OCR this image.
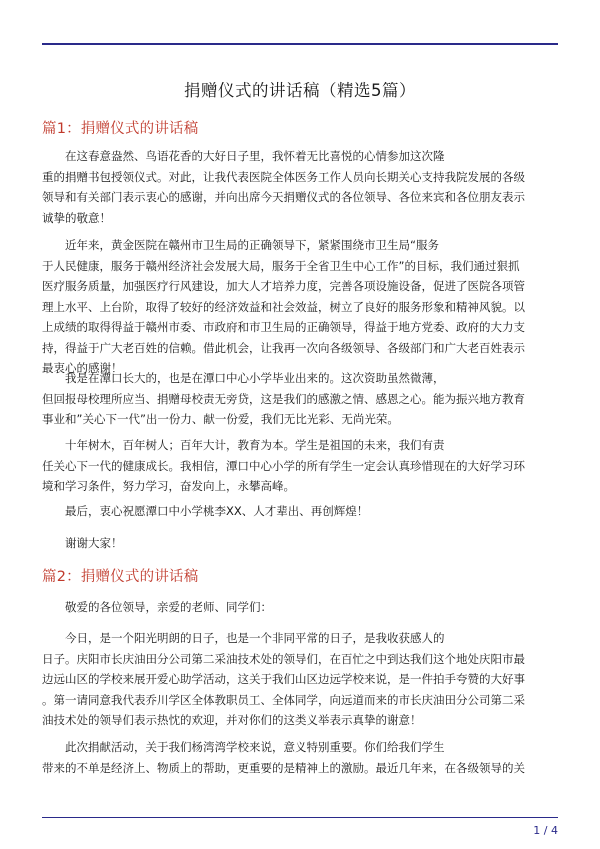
捐赠仪式的讲话稿（精选5篇）
篇1：捐赠仪式的讲话稿
在这春意盎然、鸟语花香的大好日子里，我怀着无比喜悦的心情参加这次隆
重的捐赠书包授领仪式。对此，让我代表医院全体医务工作人员向长期关心支持我院发展的各级
领导和有关部门表示衷心的感谢，并向出席今天捐赠仪式的各位领导、各位来宾和各位朋友表示
诚挚的敬意！
近年来，黄金医院在赣州市卫生局的正确领导下，紧紧围绕市卫生局“服务
于人民健康，服务于赣州经济社会发展大局，服务于全省卫生中心工作”的目标，我们通过狠抓
医疗服务质量，加强医疗行风建设，加大人才培养力度，完善各项设施设备，促进了医院各项管
理上水平、上台阶，取得了较好的经济效益和社会效益，树立了良好的服务形象和精神风貌。以
上成绩的取得得益于赣州市委、市政府和市卫生局的正确领导，得益于地方党委、政府的大力支
持，得益于广大老百姓的信赖。借此机会，让我再一次向各级领导、各级部门和广大老百姓表示
最衷心的感谢！
我是在潭口长大的，也是在潭口中心小学毕业出来的。这次资助虽然微薄，
但回报母校理所应当、捐赠母校责无旁贷，这是我们的感激之情、感恩之心。能为振兴地方教育
事业和”关心下一代”出一份力、献一份爱，我们无比光彩、无尚光荣。
十年树木，百年树人；百年大计，教育为本。学生是祖国的未来，我们有责
任关心下一代的健康成长。我相信，潭口中心小学的所有学生一定会认真珍惜现在的大好学习环
境和学习条件，努力学习，奋发向上，永攀高峰。
最后，衷心祝愿潭口中小学桃李XX、人才辈出、再创辉煌！
谢谢大家！
篇2：捐赠仪式的讲话稿
敬爱的各位领导，亲爱的老师、同学们：
今日，是一个阳光明朗的日子，也是一个非同平常的日子，是我收获感人的
日子。庆阳市长庆油田分公司第二采油技术处的领导们，在百忙之中到达我们这个地处庆阳市最
边远山区的学校来展开爱心助学活动，这关于我们山区边远学校来说，是一件拍手夸赞的大好事
。第一请同意我代表乔川学区全体教职员工、全体同学，向远道而来的市长庆油田分公司第二采
油技术处的领导们表示热忱的欢迎，并对你们的这类义举表示真挚的谢意！
此次捐献活动，关于我们杨湾湾学校来说，意义特别重要。你们给我们学生
带来的不单是经济上、物质上的帮助，更重要的是精神上的激励。最近几年来，在各级领导的关
1 / 4
